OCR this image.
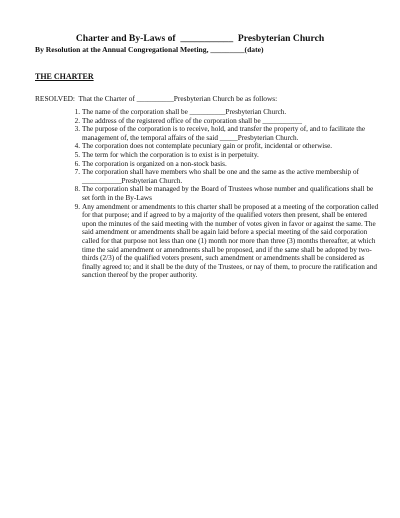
Charter and By-Laws of  ___________  Presbyterian Church
By Resolution at the Annual Congregational Meeting, _________(date)
THE CHARTER
RESOLVED:  That the Charter of __________Presbyterian Church be as follows:
1. The name of the corporation shall be __________Presbyterian Church.
2. The address of the registered office of the corporation shall be ___________
3. The purpose of the corporation is to receive, hold, and transfer the property of, and to facilitate the management of, the temporal affairs of the said _____Presbyterian Church.
4. The corporation does not contemplate pecuniary gain or profit, incidental or otherwise.
5. The term for which the corporation is to exist is in perpetuity.
6. The corporation is organized on a non-stock basis.
7. The corporation shall have members who shall be one and the same as the active membership of ___________Presbyterian Church.
8. The corporation shall be managed by the Board of Trustees whose number and qualifications shall be set forth in the By-Laws
9. Any amendment or amendments to this charter shall be proposed at a meeting of the corporation called for that purpose; and if agreed to by a majority of the qualified voters then present, shall be entered upon the minutes of the said meeting with the number of votes given in favor or against the same. The said amendment or amendments shall be again laid before a special meeting of the said corporation called for that purpose not less than one (1) month nor more than three (3) months thereafter, at which time the said amendment or amendments shall be proposed, and if the same shall be adopted by two-thirds (2/3) of the qualified voters present, such amendment or amendments shall be considered as finally agreed to; and it shall be the duty of the Trustees, or nay of them, to procure the ratification and sanction thereof by the proper authority.
